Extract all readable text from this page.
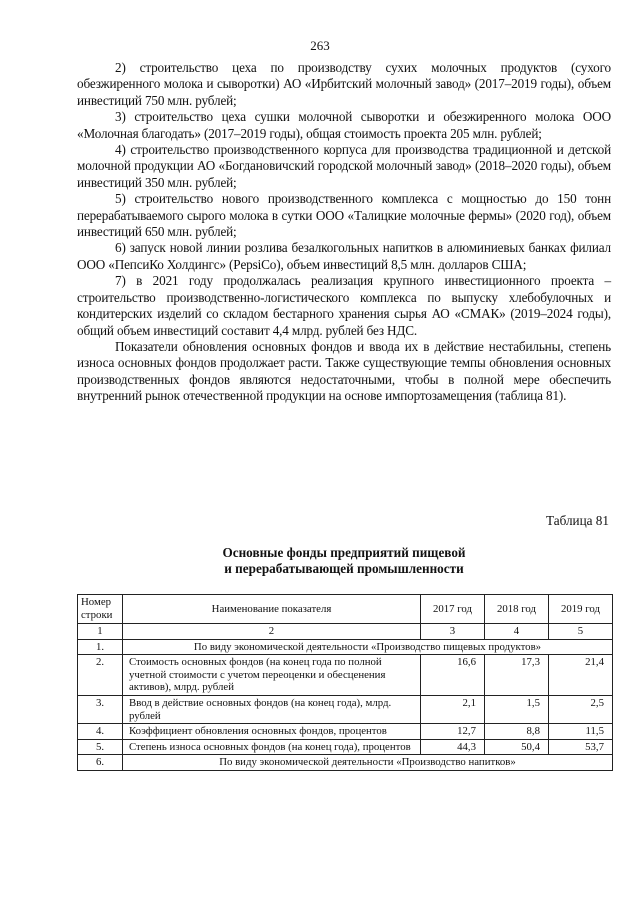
263

2) строительство цеха по производству сухих молочных продуктов (сухого обезжиренного молока и сыворотки) АО «Ирбитский молочный завод» (2017–2019 годы), объем инвестиций 750 млн. рублей;

3) строительство цеха сушки молочной сыворотки и обезжиренного молока ООО «Молочная благодать» (2017–2019 годы), общая стоимость проекта 205 млн. рублей;

4) строительство производственного корпуса для производства традиционной и детской молочной продукции АО «Богдановичский городской молочный завод» (2018–2020 годы), объем инвестиций 350 млн. рублей;

5) строительство нового производственного комплекса с мощностью до 150 тонн перерабатываемого сырого молока в сутки ООО «Талицкие молочные фермы» (2020 год), объем инвестиций 650 млн. рублей;

6) запуск новой линии розлива безалкогольных напитков в алюминиевых банках филиал ООО «ПепсиКо Холдингс» (PepsiCo), объем инвестиций 8,5 млн. долларов США;

7) в 2021 году продолжалась реализация крупного инвестиционного проекта – строительство производственно-логистического комплекса по выпуску хлебобулочных и кондитерских изделий со складом бестарного хранения сырья АО «СМАК» (2019–2024 годы), общий объем инвестиций составит 4,4 млрд. рублей без НДС.

Показатели обновления основных фондов и ввода их в действие нестабильны, степень износа основных фондов продолжает расти. Также существующие темпы обновления основных производственных фондов являются недостаточными, чтобы в полной мере обеспечить внутренний рынок отечественной продукции на основе импортозамещения (таблица 81).

Таблица 81
Основные фонды предприятий пищевой
и перерабатывающей промышленности
Номер строки	Наименование показателя	2017 год	2018 год	2019 год
1	2	3	4	5
1.	По виду экономической деятельности «Производство пищевых продуктов»			
2.	Стоимость основных фондов (на конец года по полной учетной стоимости с учетом переоценки и обесценения активов), млрд. рублей	16,6	17,3	21,4
3.	Ввод в действие основных фондов (на конец года), млрд. рублей	2,1	1,5	2,5
4.	Коэффициент обновления основных фондов, процентов	12,7	8,8	11,5
5.	Степень износа основных фондов (на конец года), процентов	44,3	50,4	53,7
6.	По виду экономической деятельности «Производство напитков»			
